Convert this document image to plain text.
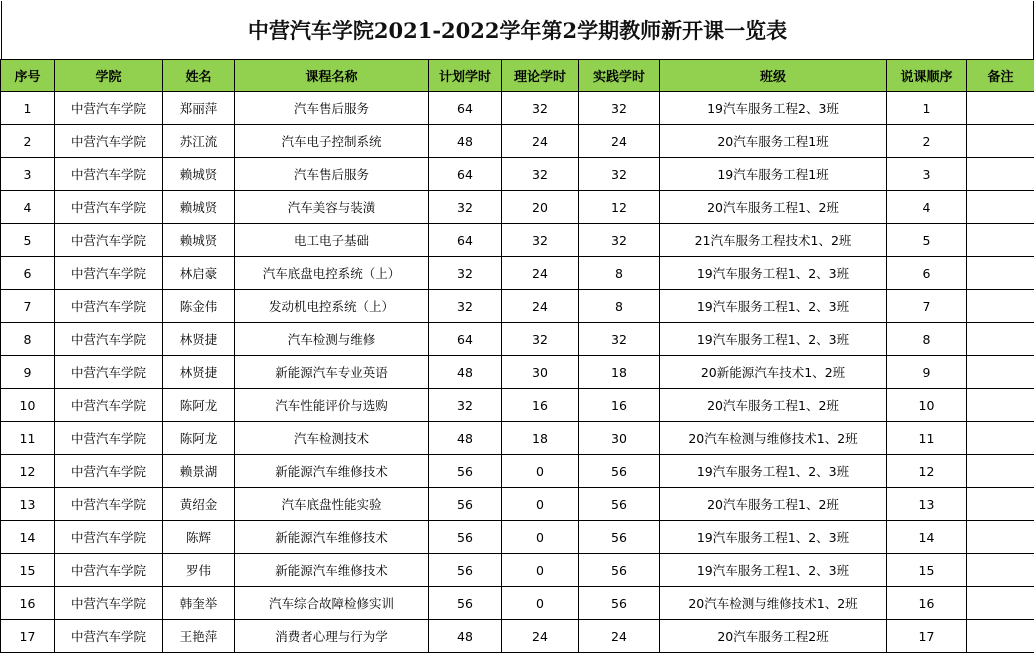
中营汽车学院2021-2022学年第2学期教师新开课一览表
序号	学院	姓名	课程名称	计划学时	理论学时	实践学时	班级	说课顺序	备注
1	中营汽车学院	郑丽萍	汽车售后服务	64	32	32	19汽车服务工程2、3班	1	
2	中营汽车学院	苏江流	汽车电子控制系统	48	24	24	20汽车服务工程1班	2	
3	中营汽车学院	赖城贤	汽车售后服务	64	32	32	19汽车服务工程1班	3	
4	中营汽车学院	赖城贤	汽车美容与装潢	32	20	12	20汽车服务工程1、2班	4	
5	中营汽车学院	赖城贤	电工电子基础	64	32	32	21汽车服务工程技术1、2班	5	
6	中营汽车学院	林启豪	汽车底盘电控系统（上）	32	24	8	19汽车服务工程1、2、3班	6	
7	中营汽车学院	陈金伟	发动机电控系统（上）	32	24	8	19汽车服务工程1、2、3班	7	
8	中营汽车学院	林贤捷	汽车检测与维修	64	32	32	19汽车服务工程1、2、3班	8	
9	中营汽车学院	林贤捷	新能源汽车专业英语	48	30	18	20新能源汽车技术1、2班	9	
10	中营汽车学院	陈阿龙	汽车性能评价与选购	32	16	16	20汽车服务工程1、2班	10	
11	中营汽车学院	陈阿龙	汽车检测技术	48	18	30	20汽车检测与维修技术1、2班	11	
12	中营汽车学院	赖景湖	新能源汽车维修技术	56	0	56	19汽车服务工程1、2、3班	12	
13	中营汽车学院	黄绍金	汽车底盘性能实验	56	0	56	20汽车服务工程1、2班	13	
14	中营汽车学院	陈辉	新能源汽车维修技术	56	0	56	19汽车服务工程1、2、3班	14	
15	中营汽车学院	罗伟	新能源汽车维修技术	56	0	56	19汽车服务工程1、2、3班	15	
16	中营汽车学院	韩奎举	汽车综合故障检修实训	56	0	56	20汽车检测与维修技术1、2班	16	
17	中营汽车学院	王艳萍	消费者心理与行为学	48	24	24	20汽车服务工程2班	17	
